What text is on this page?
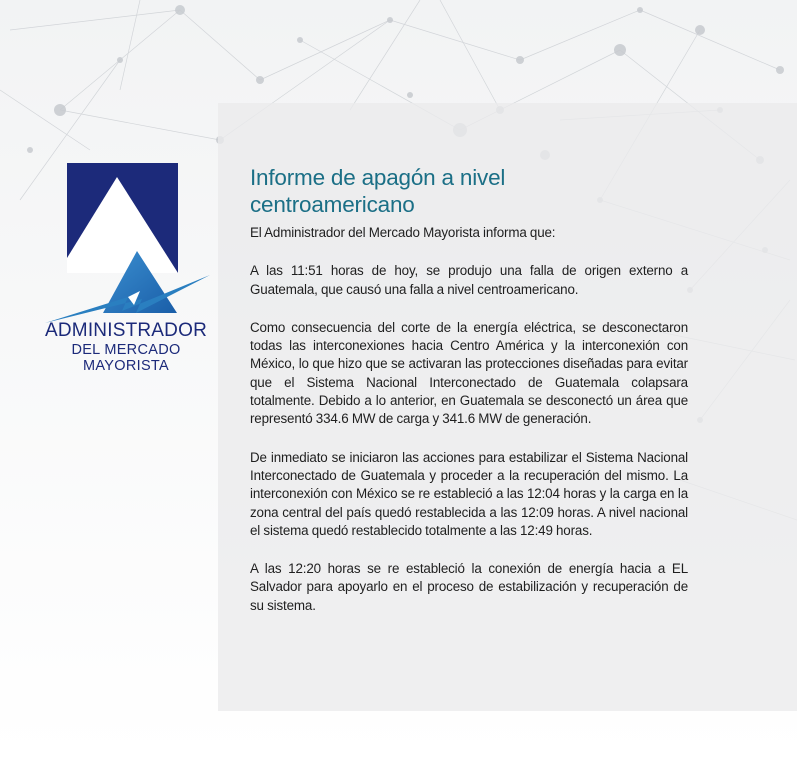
ADMINISTRADOR
DEL MERCADO
MAYORISTA
Informe de apagón a nivel
centroamericano

El Administrador del Mercado Mayorista informa que:

A las 11:51 horas de hoy, se produjo una falla de origen externo a Guatemala, que causó una falla a nivel centroamericano.

Como consecuencia del corte de la energía eléctrica, se desconectaron todas las interconexiones hacia Centro América y la interconexión con México, lo que hizo que se activaran las protecciones diseñadas para evitar que el Sistema Nacional Interconectado de Guatemala colapsara totalmente. Debido a lo anterior, en Guatemala se desconectó un área que representó 334.6 MW de carga y 341.6 MW de generación.

De inmediato se iniciaron las acciones para estabilizar el Sistema Nacional Interconectado de Guatemala y proceder a la recuperación del mismo. La interconexión con México se re estableció a las 12:04 horas y la carga en la zona central del país quedó restablecida a las 12:09 horas. A nivel nacional el sistema quedó restablecido totalmente a las 12:49 horas.

A las 12:20 horas se re estableció la conexión de energía hacia a EL Salvador para apoyarlo en el proceso de estabilización y recuperación de su sistema.
